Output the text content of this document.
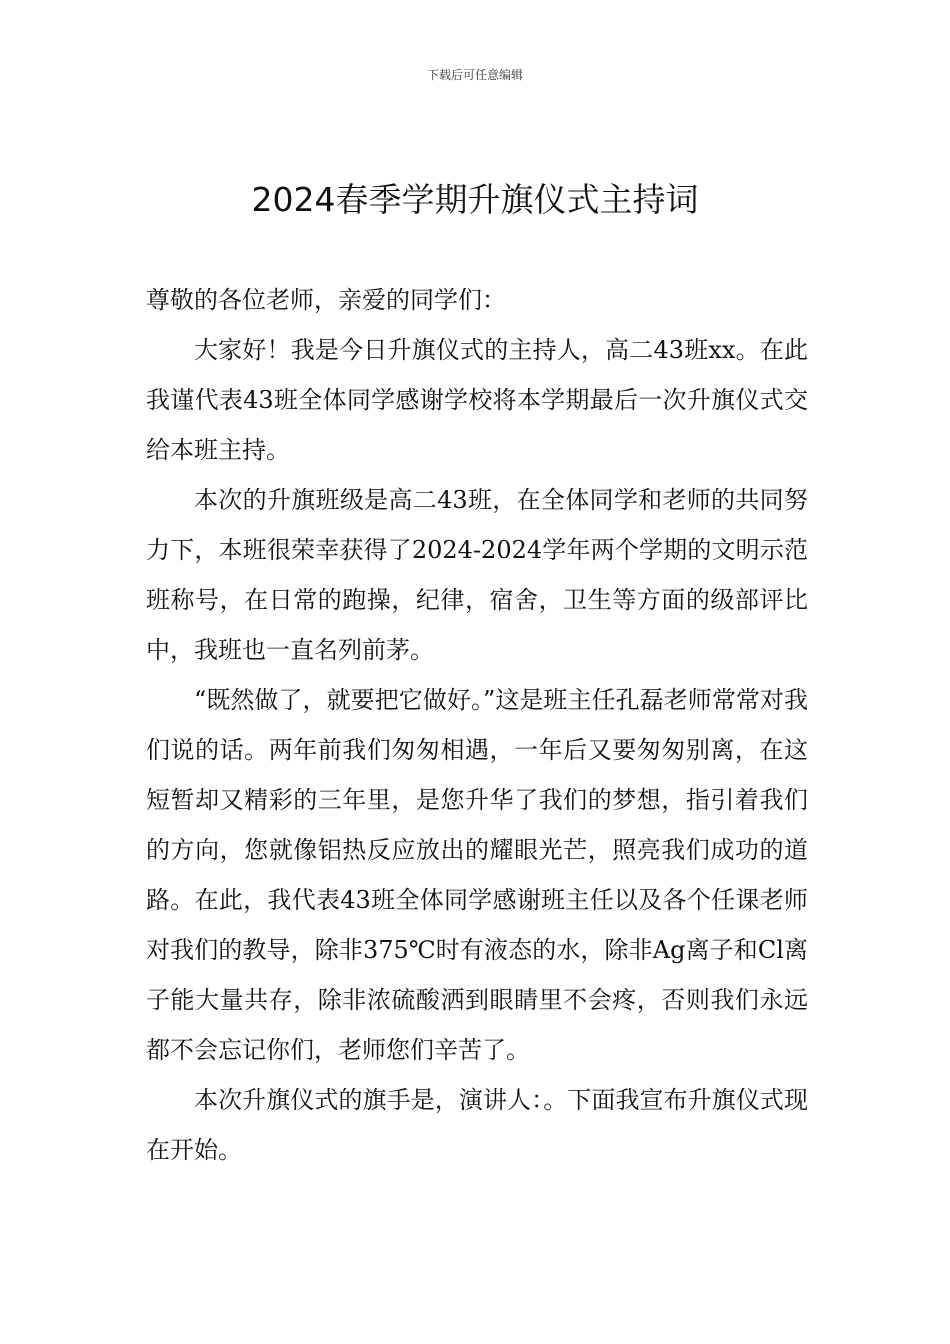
下载后可任意编辑
2024春季学期升旗仪式主持词

尊敬的各位老师，亲爱的同学们：

大家好！我是今日升旗仪式的主持人，高二43班xx。在此我谨代表43班全体同学感谢学校将本学期最后一次升旗仪式交给本班主持。

本次的升旗班级是高二43班，在全体同学和老师的共同努力下，本班很荣幸获得了2024-2024学年两个学期的文明示范班称号，在日常的跑操，纪律，宿舍，卫生等方面的级部评比中，我班也一直名列前茅。

“既然做了，就要把它做好。”这是班主任孔磊老师常常对我们说的话。两年前我们匆匆相遇，一年后又要匆匆别离，在这短暂却又精彩的三年里，是您升华了我们的梦想，指引着我们的方向，您就像铝热反应放出的耀眼光芒，照亮我们成功的道路。在此，我代表43班全体同学感谢班主任以及各个任课老师对我们的教导，除非375℃时有液态的水，除非Ag离子和Cl离子能大量共存，除非浓硫酸洒到眼睛里不会疼，否则我们永远都不会忘记你们，老师您们辛苦了。

本次升旗仪式的旗手是，演讲人：。下面我宣布升旗仪式现在开始。
